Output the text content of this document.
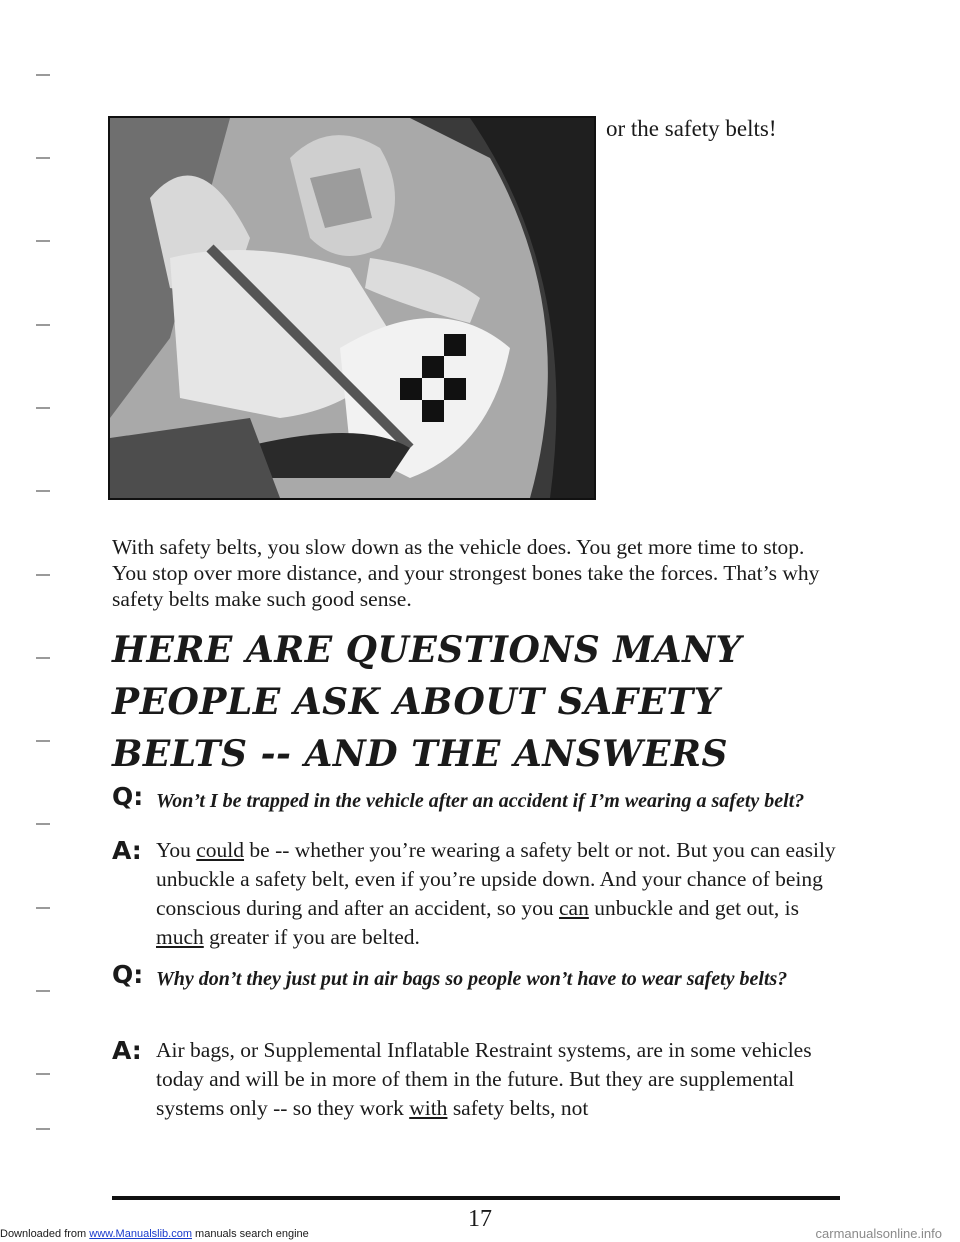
or the safety belts!

With safety belts, you slow down as the vehicle does. You get more time to stop. You stop over more distance, and your strongest bones take the forces. That’s why safety belts make such good sense.

HERE ARE QUESTIONS MANY PEOPLE ASK ABOUT SAFETY BELTS -- AND THE ANSWERS
Q: Won’t I be trapped in the vehicle after an accident if I’m wearing a safety belt?
A: You could be -- whether you’re wearing a safety belt or not. But you can easily unbuckle a safety belt, even if you’re upside down. And your chance of being conscious during and after an accident, so you can unbuckle and get out, is much greater if you are belted.
Q: Why don’t they just put in air bags so people won’t have to wear safety belts?
A: Air bags, or Supplemental Inflatable Restraint systems, are in some vehicles today and will be in more of them in the future. But they are supplemental systems only -- so they work with safety belts, not
17
Downloaded from www.Manualslib.com manuals search engine	carmanualsonline.info
